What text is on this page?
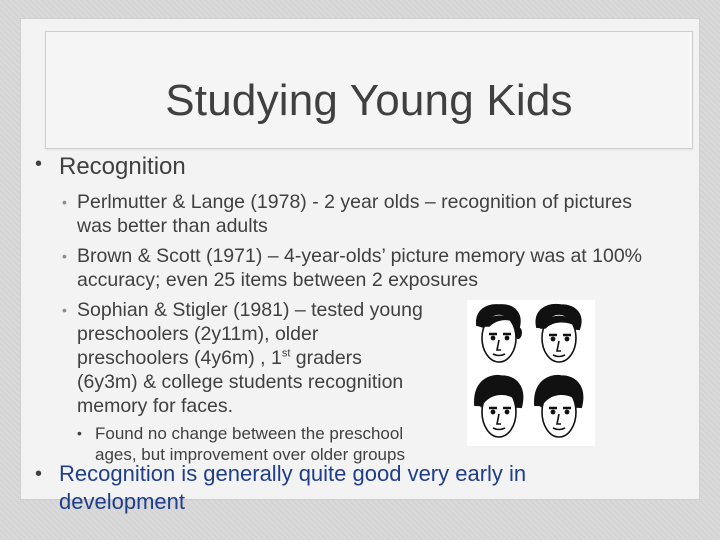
Studying Young Kids
• Recognition
• Perlmutter & Lange (1978) - 2 year olds – recognition of pictures was better than adults
• Brown & Scott (1971) – 4-year-olds’ picture memory was at 100% accuracy; even 25 items between 2 exposures
• Sophian & Stigler (1981) – tested young
preschoolers (2y11m), older
preschoolers (4y6m) , 1st graders
(6y3m) & college students recognition
memory for faces.
• Found no change between the preschool
ages, but improvement over older groups
• Recognition is generally quite good very early in
development
